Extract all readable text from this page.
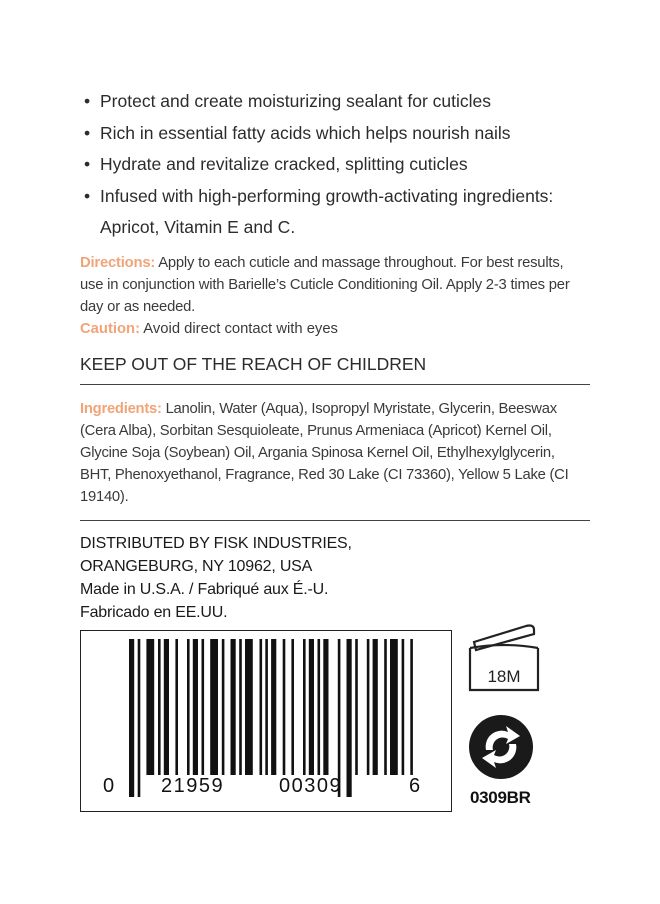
• Protect and create moisturizing sealant for cuticles
• Rich in essential fatty acids which helps nourish nails
• Hydrate and revitalize cracked, splitting cuticles
• Infused with high-performing growth-activating ingredients: Apricot, Vitamin E and C.
Directions: Apply to each cuticle and massage throughout. For best results, use in conjunction with Barielle’s Cuticle Conditioning Oil. Apply 2-3 times per day or as needed.
Caution: Avoid direct contact with eyes
KEEP OUT OF THE REACH OF CHILDREN
Ingredients: Lanolin, Water (Aqua), Isopropyl Myristate, Glycerin, Beeswax (Cera Alba), Sorbitan Sesquioleate, Prunus Armeniaca (Apricot) Kernel Oil, Glycine Soja (Soybean) Oil, Argania Spinosa Kernel Oil, Ethylhexylglycerin, BHT, Phenoxyethanol, Fragrance, Red 30 Lake (CI 73360), Yellow 5 Lake (CI 19140).
DISTRIBUTED BY FISK INDUSTRIES,
ORANGEBURG, NY 10962, USA
Made in U.S.A. / Fabriqué aux É.-U.
Fabricado en EE.UU.
0 21959	00309	6
18M
0309BR
